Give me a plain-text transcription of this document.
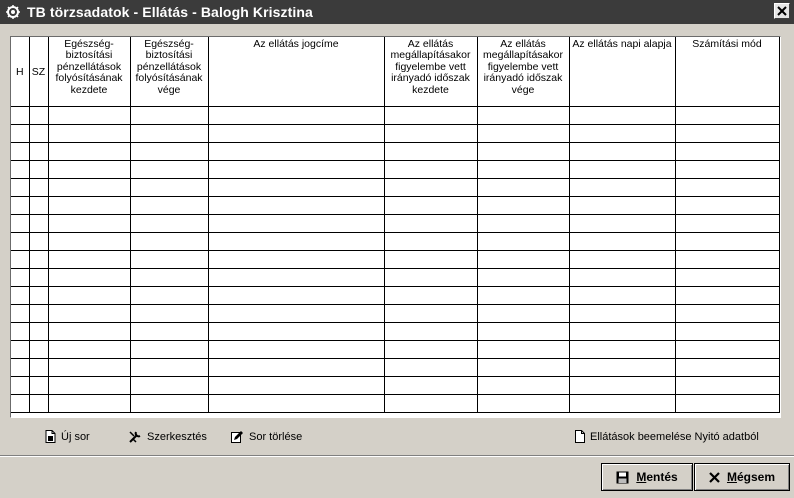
TB törzsadatok - Ellátás - Balogh Krisztina
H	SZ	Egészség-biztosítási pénzellátások folyósításának kezdete	Egészség-biztosítási pénzellátások folyósításának vége	Az ellátás jogcíme	Az ellátás megállapításakor figyelembe vett irányadó időszak kezdete	Az ellátás megállapításakor figyelembe vett irányadó időszak vége	Az ellátás napi alapja	Számítási mód

Új sor	Szerkesztés	Sor törlése	Ellátások beemelése Nyitó adatból
Mentés	Mégsem
